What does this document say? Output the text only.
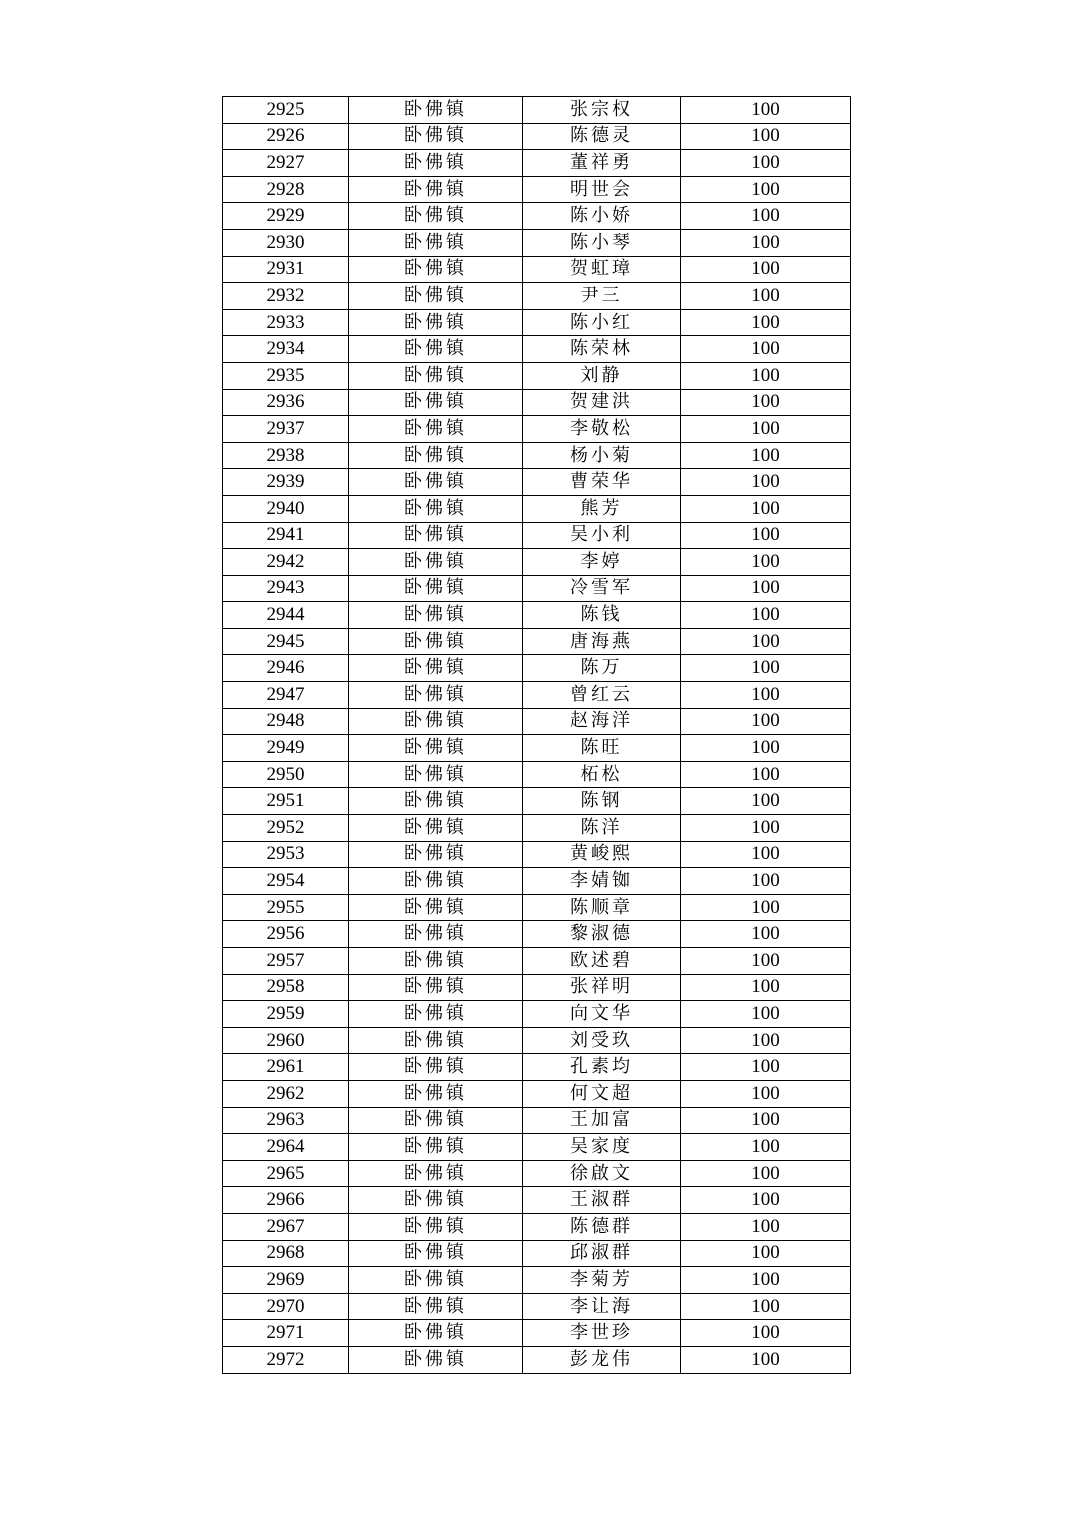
2925	卧佛镇	张宗权	100
2926	卧佛镇	陈德灵	100
2927	卧佛镇	董祥勇	100
2928	卧佛镇	明世会	100
2929	卧佛镇	陈小娇	100
2930	卧佛镇	陈小琴	100
2931	卧佛镇	贺虹璋	100
2932	卧佛镇	尹三	100
2933	卧佛镇	陈小红	100
2934	卧佛镇	陈荣林	100
2935	卧佛镇	刘静	100
2936	卧佛镇	贺建洪	100
2937	卧佛镇	李敬松	100
2938	卧佛镇	杨小菊	100
2939	卧佛镇	曹荣华	100
2940	卧佛镇	熊芳	100
2941	卧佛镇	吴小利	100
2942	卧佛镇	李婷	100
2943	卧佛镇	冷雪军	100
2944	卧佛镇	陈钱	100
2945	卧佛镇	唐海燕	100
2946	卧佛镇	陈万	100
2947	卧佛镇	曾红云	100
2948	卧佛镇	赵海洋	100
2949	卧佛镇	陈旺	100
2950	卧佛镇	柘松	100
2951	卧佛镇	陈钢	100
2952	卧佛镇	陈洋	100
2953	卧佛镇	黄峻熙	100
2954	卧佛镇	李婧铷	100
2955	卧佛镇	陈顺章	100
2956	卧佛镇	黎淑德	100
2957	卧佛镇	欧述碧	100
2958	卧佛镇	张祥明	100
2959	卧佛镇	向文华	100
2960	卧佛镇	刘受玖	100
2961	卧佛镇	孔素均	100
2962	卧佛镇	何文超	100
2963	卧佛镇	王加富	100
2964	卧佛镇	吴家度	100
2965	卧佛镇	徐啟文	100
2966	卧佛镇	王淑群	100
2967	卧佛镇	陈德群	100
2968	卧佛镇	邱淑群	100
2969	卧佛镇	李菊芳	100
2970	卧佛镇	李让海	100
2971	卧佛镇	李世珍	100
2972	卧佛镇	彭龙伟	100
